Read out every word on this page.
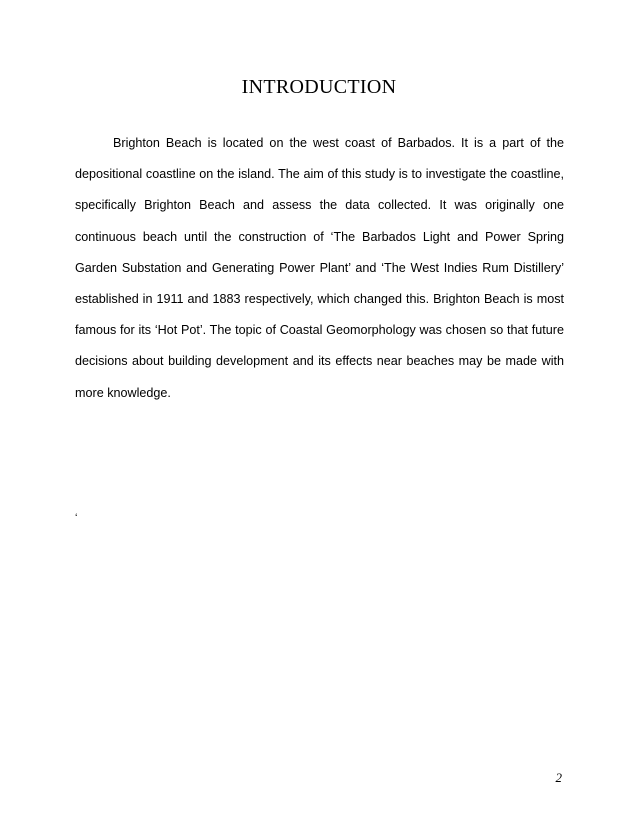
INTRODUCTION

Brighton Beach is located on the west coast of Barbados. It is a part of the depositional coastline on the island. The aim of this study is to investigate the coastline, specifically Brighton Beach and assess the data collected. It was originally one continuous beach until the construction of ‘The Barbados Light and Power Spring Garden Substation and Generating Power Plant’ and ‘The West Indies Rum Distillery’ established in 1911 and 1883 respectively, which changed this. Brighton Beach is most famous for its ‘Hot Pot’. The topic of Coastal Geomorphology was chosen so that future decisions about building development and its effects near beaches may be made with more knowledge.

‘
2
